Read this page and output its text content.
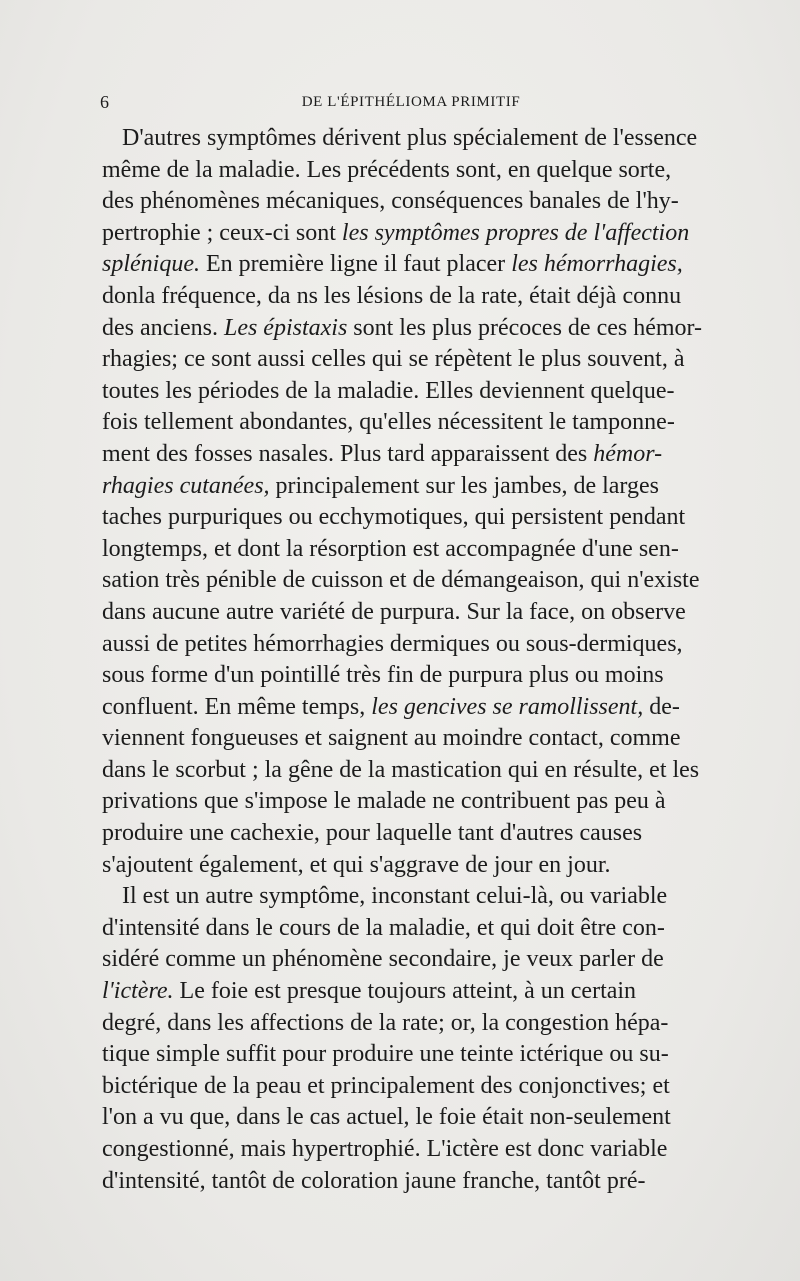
6	DE L'ÉPITHÉLIOMA PRIMITIF
D'autres symptômes dérivent plus spécialement de l'essence
même de la maladie. Les précédents sont, en quelque sorte,
des phénomènes mécaniques, conséquences banales de l'hy-
pertrophie ; ceux-ci sont les symptômes propres de l'affection
splénique. En première ligne il faut placer les hémorrhagies,
donla fréquence, da ns les lésions de la rate, était déjà connu
des anciens. Les épistaxis sont les plus précoces de ces hémor-
rhagies; ce sont aussi celles qui se répètent le plus souvent, à
toutes les périodes de la maladie. Elles deviennent quelque-
fois tellement abondantes, qu'elles nécessitent le tamponne-
ment des fosses nasales. Plus tard apparaissent des hémor-
rhagies cutanées, principalement sur les jambes, de larges
taches purpuriques ou ecchymotiques, qui persistent pendant
longtemps, et dont la résorption est accompagnée d'une sen-
sation très pénible de cuisson et de démangeaison, qui n'existe
dans aucune autre variété de purpura. Sur la face, on observe
aussi de petites hémorrhagies dermiques ou sous-dermiques,
sous forme d'un pointillé très fin de purpura plus ou moins
confluent. En même temps, les gencives se ramollissent, de-
viennent fongueuses et saignent au moindre contact, comme
dans le scorbut ; la gêne de la mastication qui en résulte, et les
privations que s'impose le malade ne contribuent pas peu à
produire une cachexie, pour laquelle tant d'autres causes
s'ajoutent également, et qui s'aggrave de jour en jour.
Il est un autre symptôme, inconstant celui-là, ou variable
d'intensité dans le cours de la maladie, et qui doit être con-
sidéré comme un phénomène secondaire, je veux parler de
l'ictère. Le foie est presque toujours atteint, à un certain
degré, dans les affections de la rate; or, la congestion hépa-
tique simple suffit pour produire une teinte ictérique ou su-
bictérique de la peau et principalement des conjonctives; et
l'on a vu que, dans le cas actuel, le foie était non-seulement
congestionné, mais hypertrophié. L'ictère est donc variable
d'intensité, tantôt de coloration jaune franche, tantôt pré-
